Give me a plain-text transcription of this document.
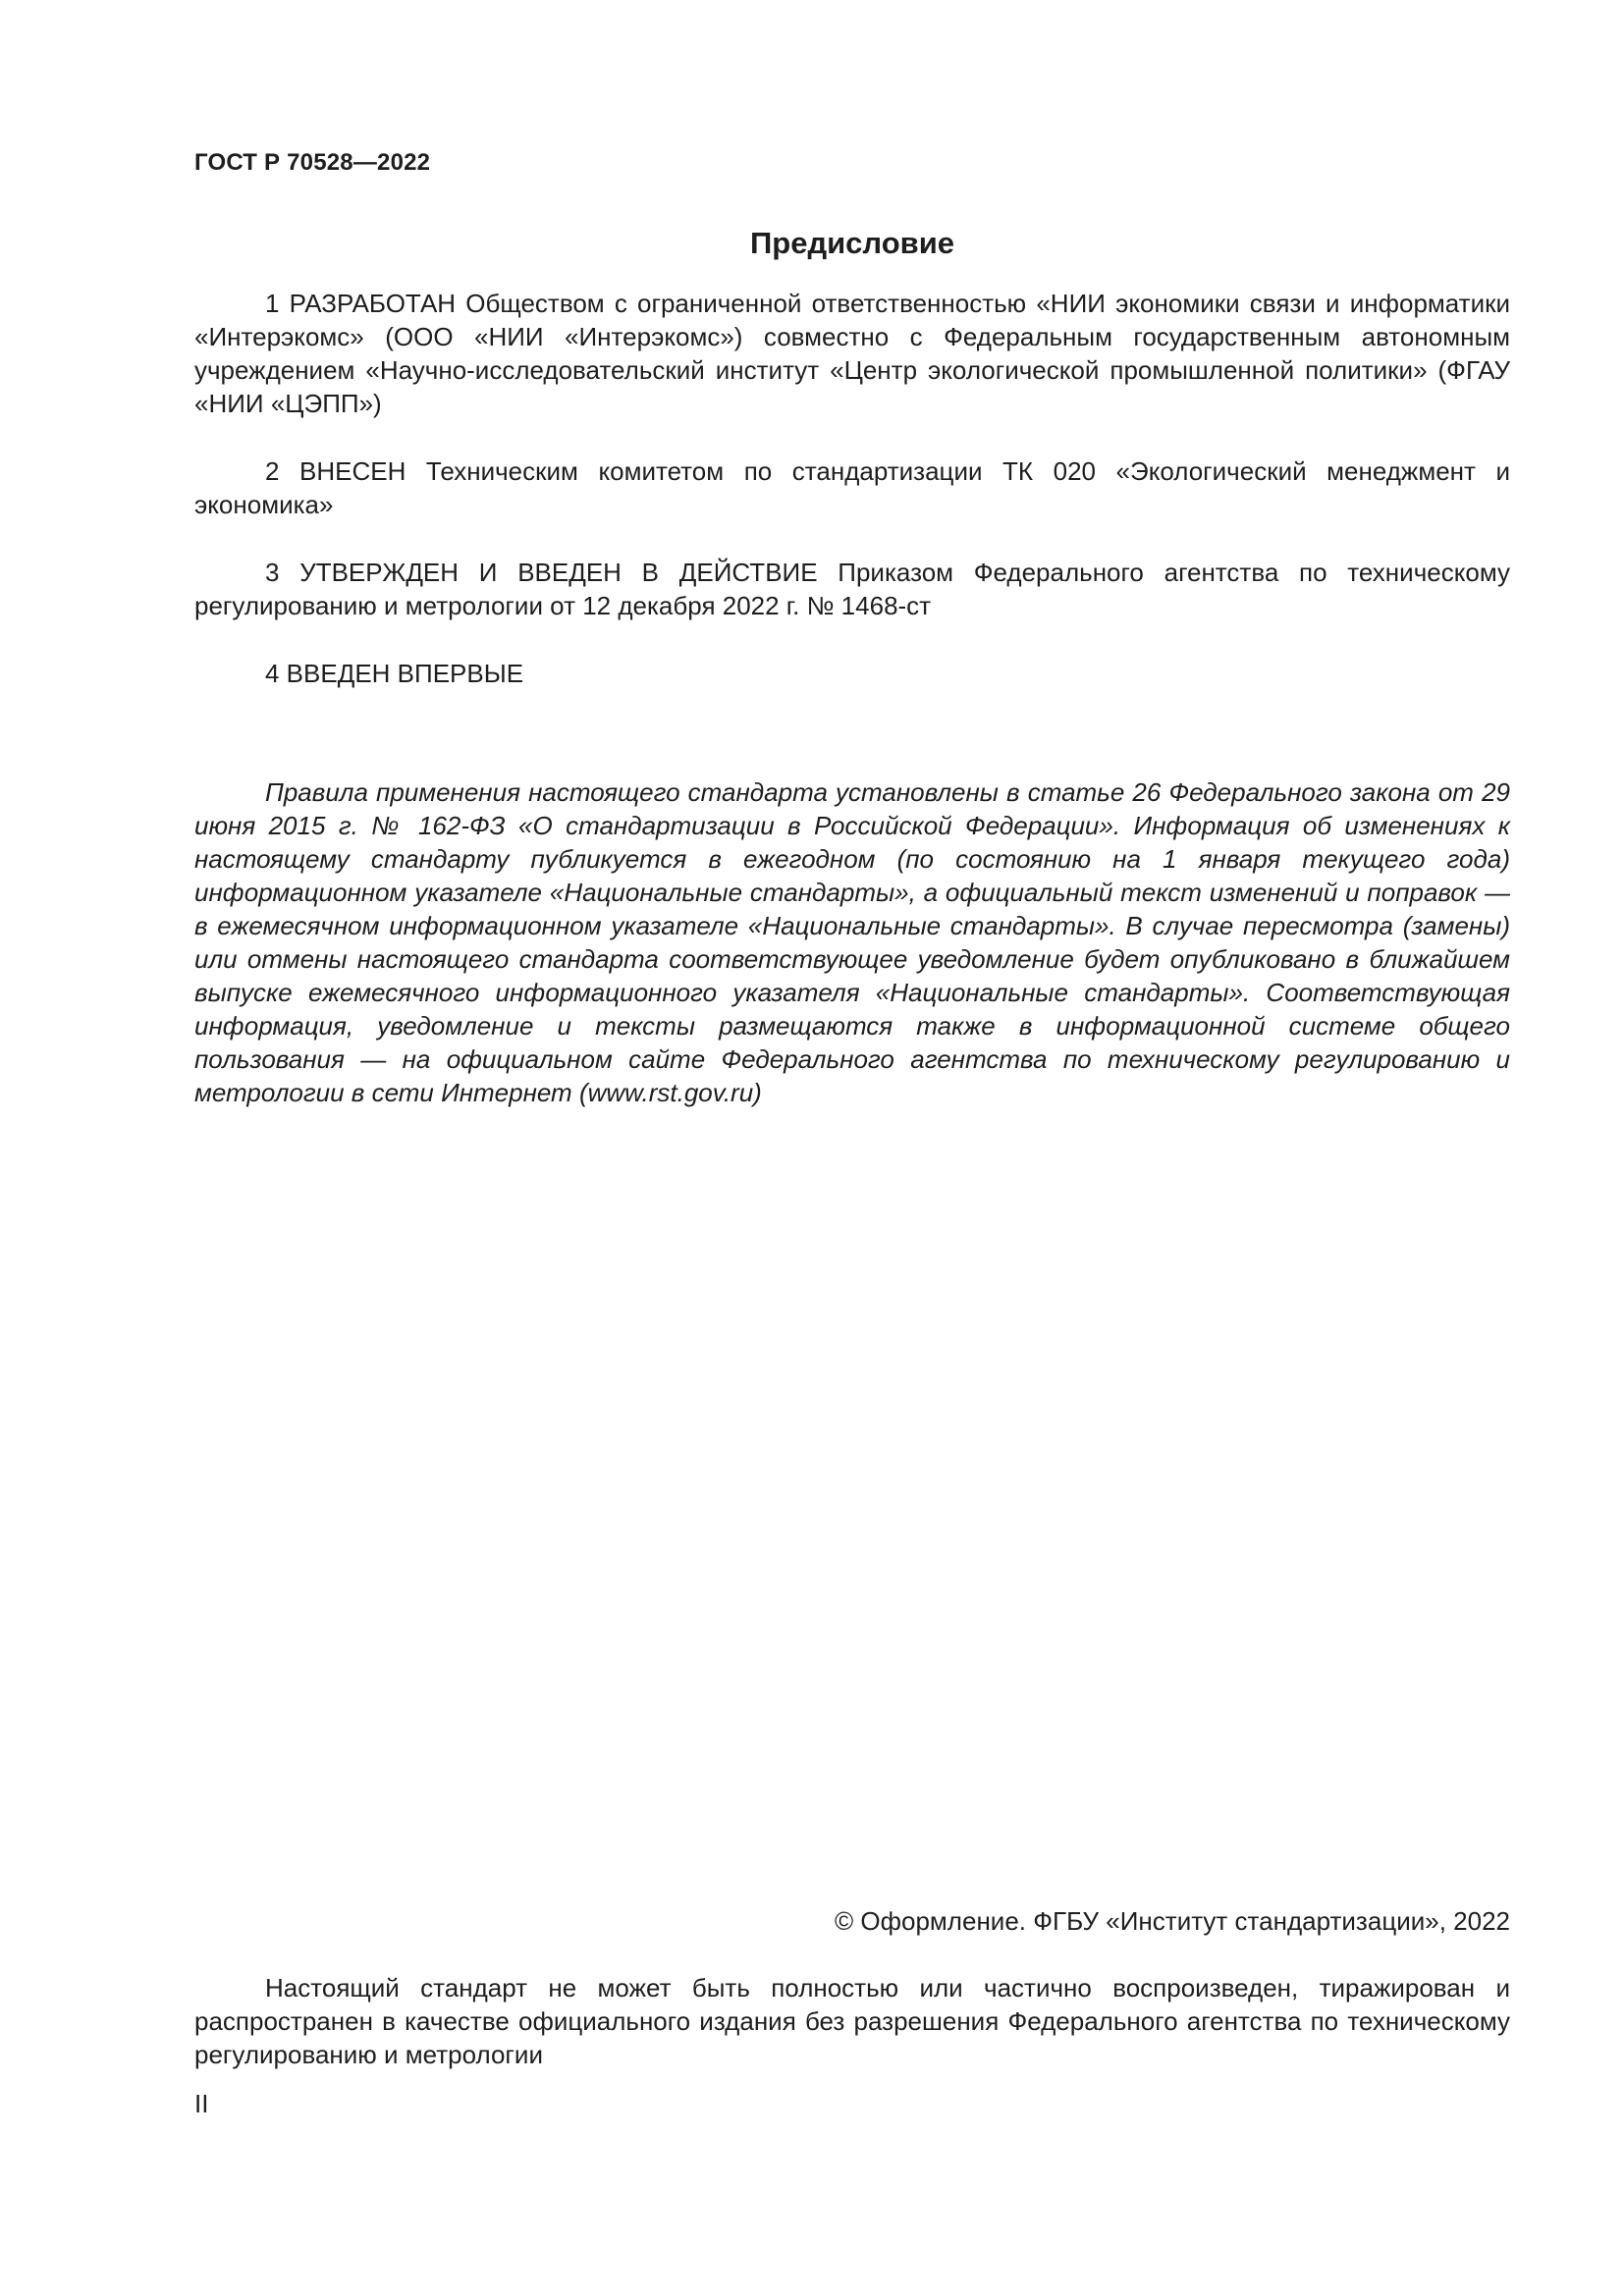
ГОСТ Р 70528—2022
Предисловие

1 РАЗРАБОТАН Обществом с ограниченной ответственностью «НИИ экономики связи и информатики «Интерэкомс» (ООО «НИИ «Интерэкомс») совместно с Федеральным государственным автономным учреждением «Научно-исследовательский институт «Центр экологической промышленной политики» (ФГАУ «НИИ «ЦЭПП»)

2 ВНЕСЕН Техническим комитетом по стандартизации ТК 020 «Экологический менеджмент и экономика»

3 УТВЕРЖДЕН И ВВЕДЕН В ДЕЙСТВИЕ Приказом Федерального агентства по техническому регулированию и метрологии от 12 декабря 2022 г. № 1468-ст

4 ВВЕДЕН ВПЕРВЫЕ

Правила применения настоящего стандарта установлены в статье 26 Федерального закона от 29 июня 2015 г. № 162-ФЗ «О стандартизации в Российской Федерации». Информация об изменениях к настоящему стандарту публикуется в ежегодном (по состоянию на 1 января текущего года) информационном указателе «Национальные стандарты», а официальный текст изменений и поправок — в ежемесячном информационном указателе «Национальные стандарты». В случае пересмотра (замены) или отмены настоящего стандарта соответствующее уведомление будет опубликовано в ближайшем выпуске ежемесячного информационного указателя «Национальные стандарты». Соответствующая информация, уведомление и тексты размещаются также в информационной системе общего пользования — на официальном сайте Федерального агентства по техническому регулированию и метрологии в сети Интернет (www.rst.gov.ru)

© Оформление. ФГБУ «Институт стандартизации», 2022

Настоящий стандарт не может быть полностью или частично воспроизведен, тиражирован и распространен в качестве официального издания без разрешения Федерального агентства по техническому регулированию и метрологии

II
